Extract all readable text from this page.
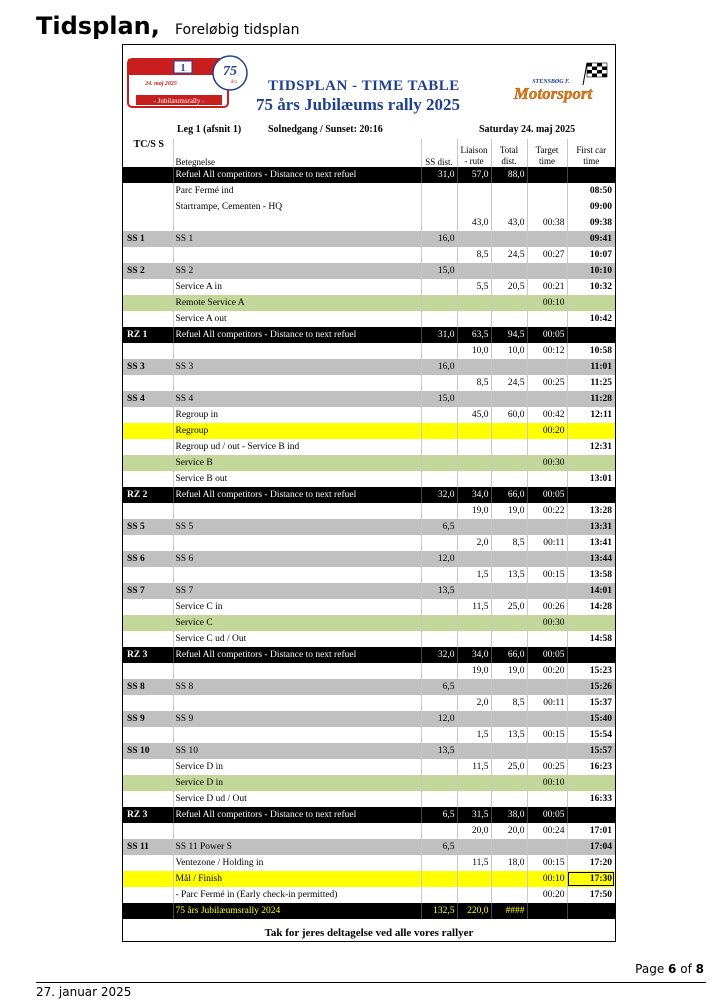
Tidsplan, Foreløbig tidsplan
1
24. maj 2025
- Jubilæumsrally -
75
års TIDSPLAN - TIME TABLE
75 års Jubilæums rally 2025
STENSBØG F.
Motorsport
Leg 1 (afsnit 1)	Solnedgang / Sunset: 20:16	Saturday 24. maj 2025
TC/S S	Betegnelse	SS dist.	Liaison - rute	Total dist.	Target time	First car time
	Refuel All competitors - Distance to next refuel	31,0	57,0	88,0		
	Parc Fermé ind					08:50
	Startrampe, Cementen - HQ					09:00
			43,0	43,0	00:38	09:38
SS 1	SS 1	16,0				09:41
			8,5	24,5	00:27	10:07
SS 2	SS 2	15,0				10:10
	Service A in		5,5	20,5	00:21	10:32
	Remote Service A				00:10	
	Service A out					10:42
RZ 1	Refuel All competitors - Distance to next refuel	31,0	63,5	94,5	00:05	
			10,0	10,0	00:12	10:58
SS 3	SS 3	16,0				11:01
			8,5	24,5	00:25	11:25
SS 4	SS 4	15,0				11:28
	Regroup in		45,0	60,0	00:42	12:11
	Regroup				00:20	
	Regroup ud / out - Service B ind					12:31
	Service B				00:30	
	Service B out					13:01
RZ 2	Refuel All competitors - Distance to next refuel	32,0	34,0	66,0	00:05	
			19,0	19,0	00:22	13:28
SS 5	SS 5	6,5				13:31
			2,0	8,5	00:11	13:41
SS 6	SS 6	12,0				13:44
			1,5	13,5	00:15	13:58
SS 7	SS 7	13,5				14:01
	Service C in		11,5	25,0	00:26	14:28
	Service C				00:30	
	Service C ud / Out					14:58
RZ 3	Refuel All competitors - Distance to next refuel	32,0	34,0	66,0	00:05	
			19,0	19,0	00:20	15:23
SS 8	SS 8	6,5				15:26
			2,0	8,5	00:11	15:37
SS 9	SS 9	12,0				15:40
			1,5	13,5	00:15	15:54
SS 10	SS 10	13,5				15:57
	Service D in		11,5	25,0	00:25	16:23
	Service D in				00:10	
	Service D ud / Out					16:33
RZ 3	Refuel All competitors - Distance to next refuel	6,5	31,5	38,0	00:05	
			20,0	20,0	00:24	17:01
SS 11	SS 11 Power S	6,5				17:04
	Ventezone / Holding in		11,5	18,0	00:15	17:20
	Mål / Finish				00:10	17:30
	- Parc Fermé in (Early check-in permitted)				00:20	17:50
	75 års Jubilæumsrally 2024	132,5	220,0	####		
Tak for jeres deltagelse ved alle vores rallyer
Page 6 of 8
27. januar 2025
